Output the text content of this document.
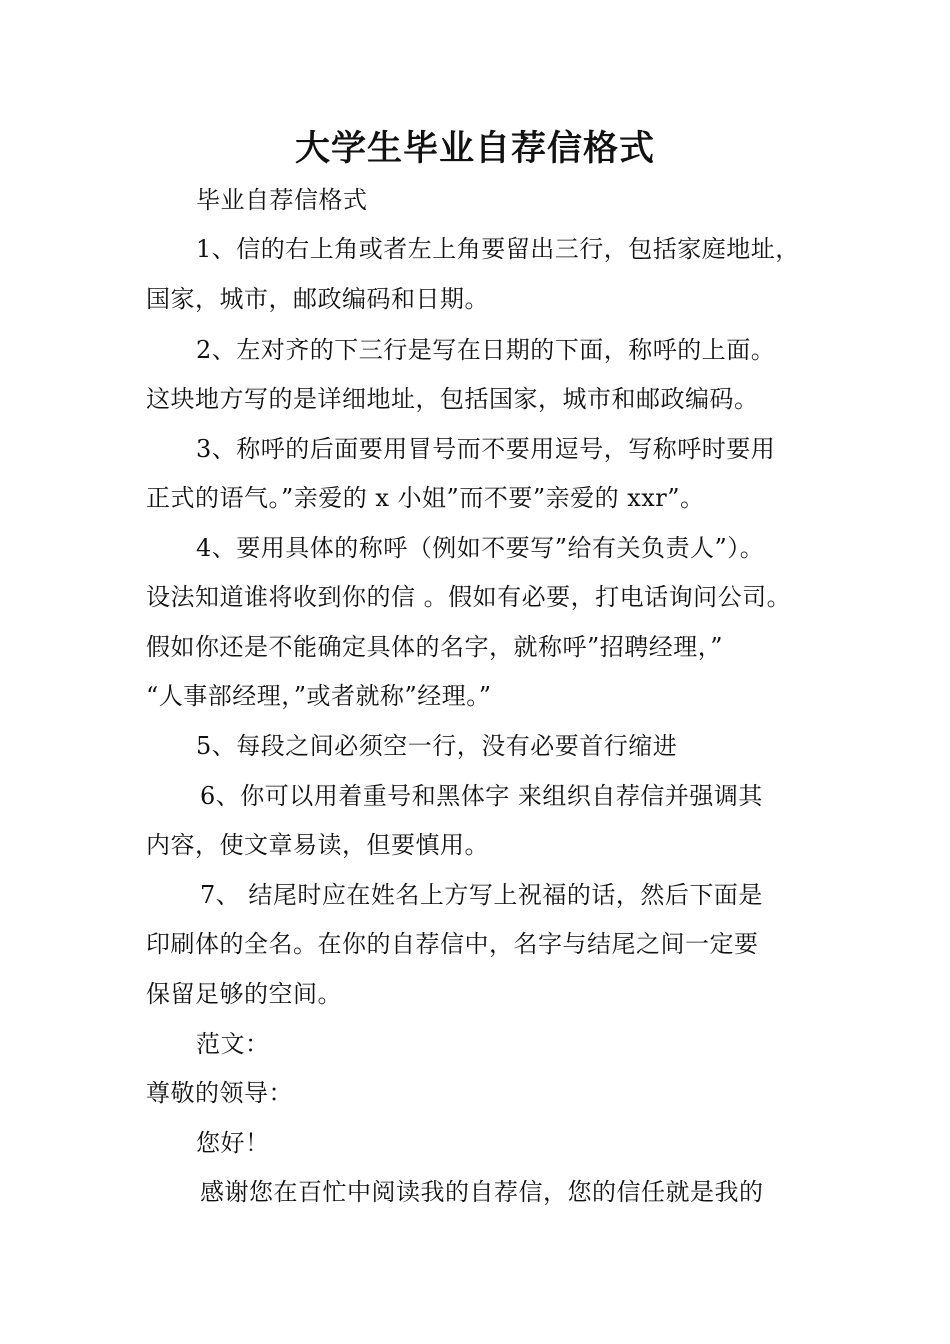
大学生毕业自荐信格式
毕业自荐信格式
1、信的右上角或者左上角要留出三行，包括家庭地址，
国家，城市，邮政编码和日期。
2、左对齐的下三行是写在日期的下面，称呼的上面。
这块地方写的是详细地址，包括国家，城市和邮政编码。
3、称呼的后面要用冒号而不要用逗号，写称呼时要用
正式的语气。”亲爱的 x 小姐”而不要”亲爱的 xxr”。
4、要用具体的称呼（例如不要写”给有关负责人”）。
设法知道谁将收到你的信 。假如有必要，打电话询问公司。
假如你还是不能确定具体的名字，就称呼”招聘经理，”
“人事部经理，”或者就称”经理。”
5、每段之间必须空一行，没有必要首行缩进
6、你可以用着重号和黑体字 来组织自荐信并强调其
内容，使文章易读，但要慎用。
7、 结尾时应在姓名上方写上祝福的话，然后下面是
印刷体的全名。在你的自荐信中，名字与结尾之间一定要
保留足够的空间。
范文：
尊敬的领导：
您好！
感谢您在百忙中阅读我的自荐信，您的信任就是我的
